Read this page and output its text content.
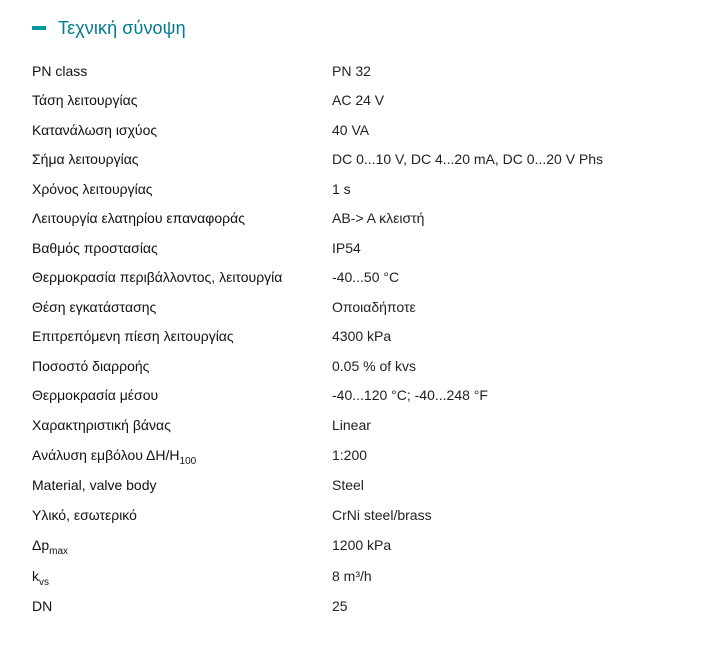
Τεχνική σύνοψη
PN class	PN 32
Τάση λειτουργίας	AC 24 V
Κατανάλωση ισχύος	40 VA
Σήμα λειτουργίας	DC 0...10 V, DC 4...20 mA, DC 0...20 V Phs
Χρόνος λειτουργίας	1 s
Λειτουργία ελατηρίου επαναφοράς	AB-> A κλειστή
Βαθμός προστασίας	IP54
Θερμοκρασία περιβάλλοντος, λειτουργία	-40...50 °C
Θέση εγκατάστασης	Οποιαδήποτε
Επιτρεπόμενη πίεση λειτουργίας	4300 kPa
Ποσοστό διαρροής	0.05 % of kvs
Θερμοκρασία μέσου	-40...120 °C; -40...248 °F
Χαρακτηριστική βάνας	Linear
Ανάλυση εμβόλου $\Delta H/H_{100}$	1:200
Material, valve body	Steel
Υλικό, εσωτερικό	CrNi steel/brass
$\Delta p_{max}$	1200 kPa
$k_{vs}$	8 m³/h
DN	25
